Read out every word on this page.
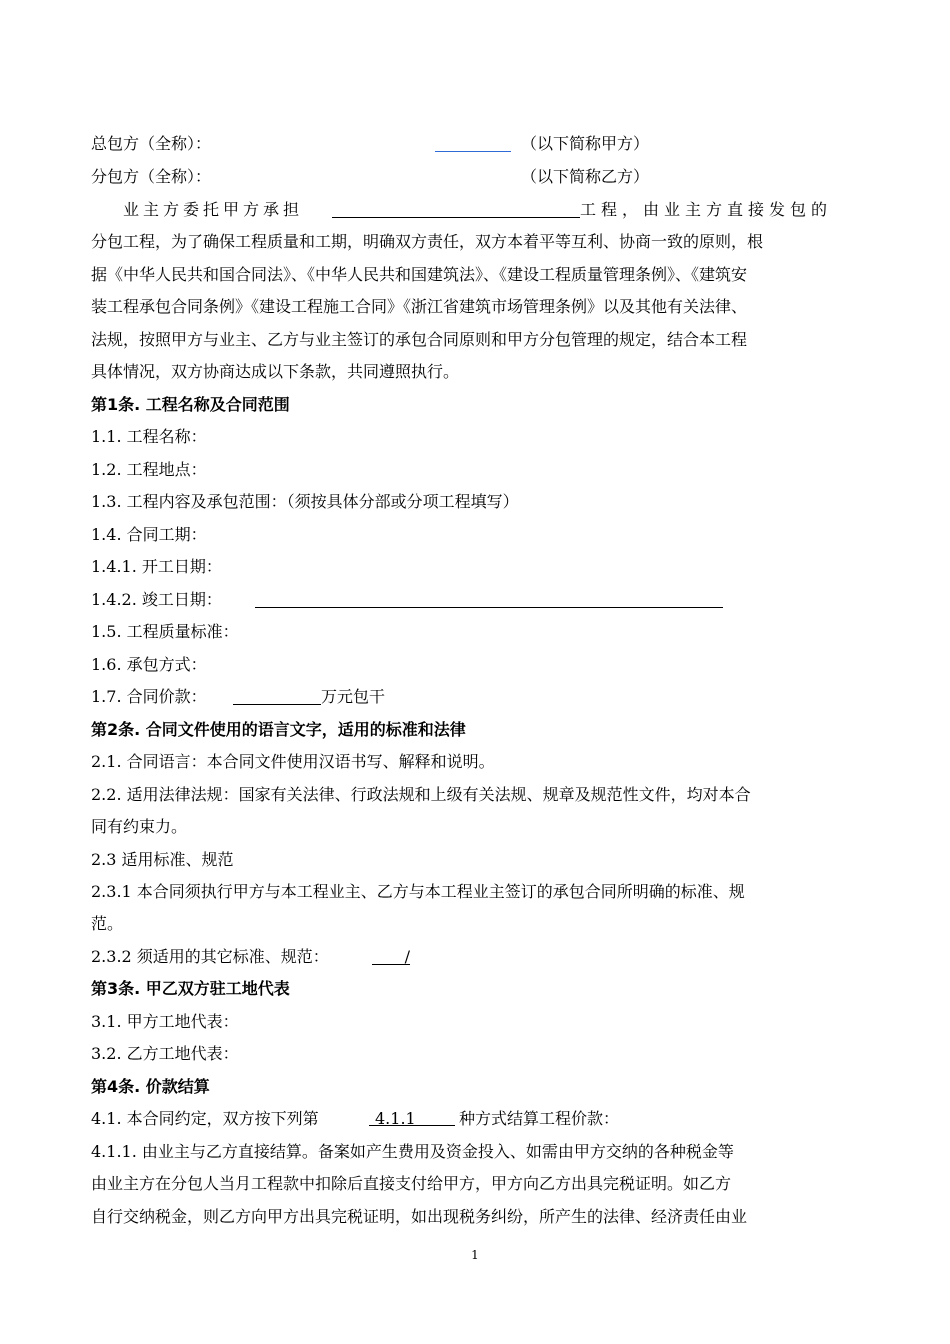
总包方（全称）：	（以下简称甲方）
分包方（全称）：	（以下简称乙方）
业主方委托甲方承担	工程，由业主方直接发包的
分包工程，为了确保工程质量和工期，明确双方责任，双方本着平等互利、协商一致的原则，根
据《中华人民共和国合同法》、《中华人民共和国建筑法》、《建设工程质量管理条例》、《建筑安
装工程承包合同条例》《建设工程施工合同》《浙江省建筑市场管理条例》以及其他有关法律、
法规，按照甲方与业主、乙方与业主签订的承包合同原则和甲方分包管理的规定，结合本工程
具体情况，双方协商达成以下条款，共同遵照执行。
第1条. 工程名称及合同范围
1.1. 工程名称：
1.2. 工程地点：
1.3. 工程内容及承包范围：（须按具体分部或分项工程填写）
1.4. 合同工期：
1.4.1. 开工日期：
1.4.2. 竣工日期：
1.5. 工程质量标准：
1.6. 承包方式：
1.7. 合同价款：	万元包干
第2条. 合同文件使用的语言文字，适用的标准和法律
2.1. 合同语言：本合同文件使用汉语书写、解释和说明。
2.2. 适用法律法规：国家有关法律、行政法规和上级有关法规、规章及规范性文件，均对本合
同有约束力。
2.3 适用标准、规范
2.3.1 本合同须执行甲方与本工程业主、乙方与本工程业主签订的承包合同所明确的标准、规
范。
2.3.2 须适用的其它标准、规范：	/
第3条. 甲乙双方驻工地代表
3.1. 甲方工地代表：
3.2. 乙方工地代表：
第4条. 价款结算
4.1. 本合同约定，双方按下列第	4.1.1	种方式结算工程价款：
4.1.1. 由业主与乙方直接结算。备案如产生费用及资金投入、如需由甲方交纳的各种税金等
由业主方在分包人当月工程款中扣除后直接支付给甲方，甲方向乙方出具完税证明。如乙方
自行交纳税金，则乙方向甲方出具完税证明，如出现税务纠纷，所产生的法律、经济责任由业
1
